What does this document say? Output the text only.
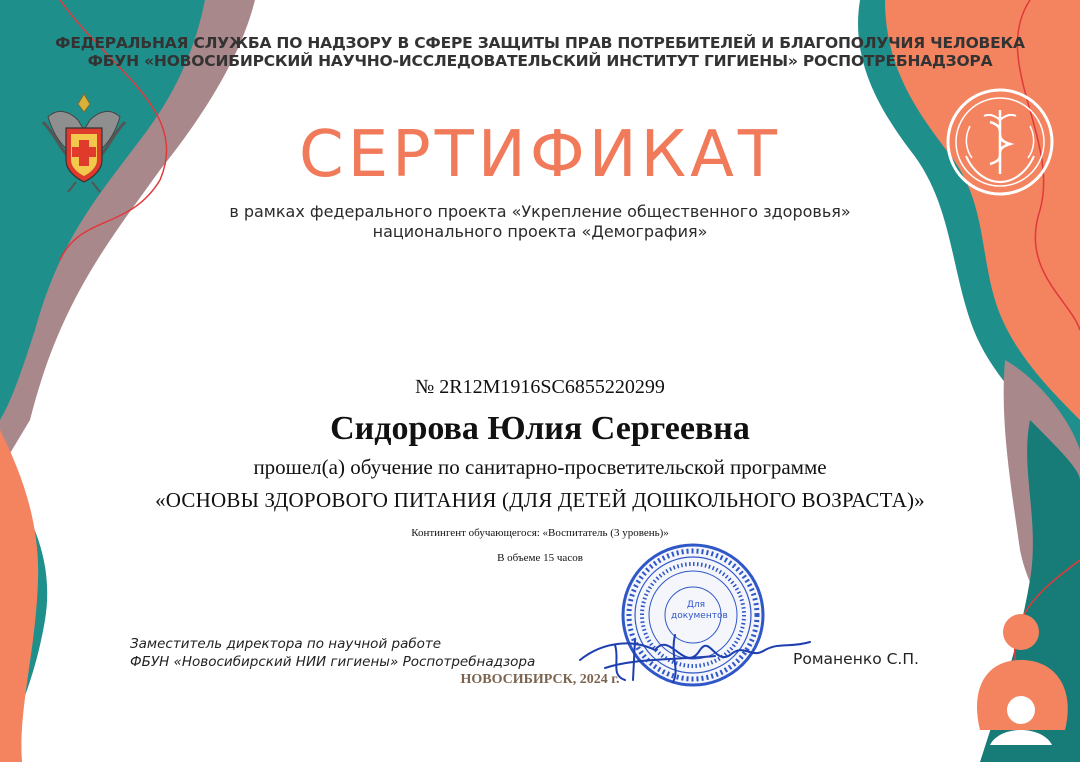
ФЕДЕРАЛЬНАЯ СЛУЖБА ПО НАДЗОРУ В СФЕРЕ ЗАЩИТЫ ПРАВ ПОТРЕБИТЕЛЕЙ И БЛАГОПОЛУЧИЯ ЧЕЛОВЕКА
ФБУН «НОВОСИБИРСКИЙ НАУЧНО-ИССЛЕДОВАТЕЛЬСКИЙ ИНСТИТУТ ГИГИЕНЫ» РОСПОТРЕБНАДЗОРА
СЕРТИФИКАТ
в рамках федерального проекта «Укрепление общественного здоровья»
национального проекта «Демография»
№ 2R12M1916SC6855220299
Сидорова Юлия Сергеевна
прошел(а) обучение по санитарно-просветительской программе
«ОСНОВЫ ЗДОРОВОГО ПИТАНИЯ (ДЛЯ ДЕТЕЙ ДОШКОЛЬНОГО ВОЗРАСТА)»
Контингент обучающегося: «Воспитатель (3 уровень)»
В объеме 15 часов
Для документов
Заместитель директора по научной работе
ФБУН «Новосибирский НИИ гигиены» Роспотребнадзора	Романенко С.П.
НОВОСИБИРСК, 2024 г.
